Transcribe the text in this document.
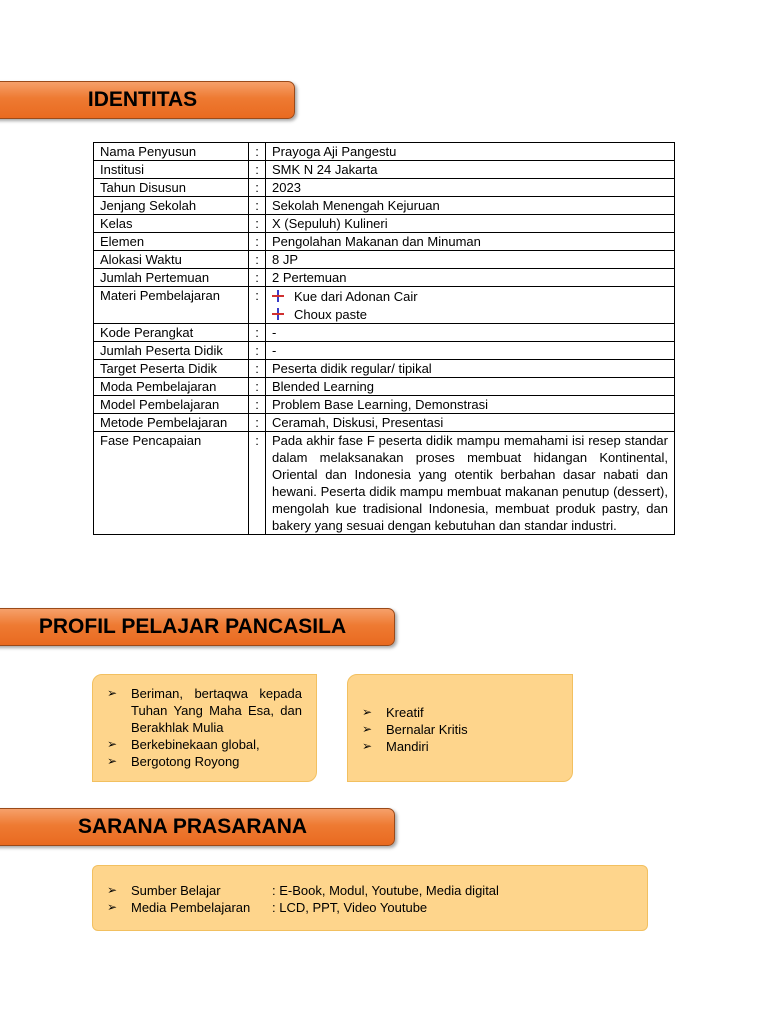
IDENTITAS
Nama Penyusun	:	Prayoga Aji Pangestu
Institusi	:	SMK N 24 Jakarta
Tahun Disusun	:	2023
Jenjang Sekolah	:	Sekolah Menengah Kejuruan
Kelas	:	X (Sepuluh) Kulineri
Elemen	:	Pengolahan Makanan dan Minuman
Alokasi Waktu	:	8 JP
Jumlah Pertemuan	:	2 Pertemuan
Materi Pembelajaran	:	Kue dari Adonan Cair
Choux paste

Kode Perangkat	:	-
Jumlah Peserta Didik	:	-
Target Peserta Didik	:	Peserta didik regular/ tipikal
Moda Pembelajaran	:	Blended Learning
Model Pembelajaran	:	Problem Base Learning, Demonstrasi
Metode Pembelajaran	:	Ceramah, Diskusi, Presentasi
Fase Pencapaian	:	Pada akhir fase F peserta didik mampu memahami isi resep standar dalam melaksanakan proses membuat hidangan Kontinental, Oriental dan Indonesia yang otentik berbahan dasar nabati dan hewani. Peserta didik mampu membuat makanan penutup (dessert), mengolah kue tradisional Indonesia, membuat produk pastry, dan bakery yang sesuai dengan kebutuhan dan standar industri.
PROFIL PELAJAR PANCASILA
➢ Beriman, bertaqwa kepada Tuhan Yang Maha Esa, dan Berakhlak Mulia
➢ Berkebinekaan global,
➢ Bergotong Royong
➢ Kreatif
➢ Bernalar Kritis
➢ Mandiri
SARANA PRASARANA
➢ Sumber Belajar	: E-Book, Modul, Youtube, Media digital
➢ Media Pembelajaran	: LCD, PPT, Video Youtube
